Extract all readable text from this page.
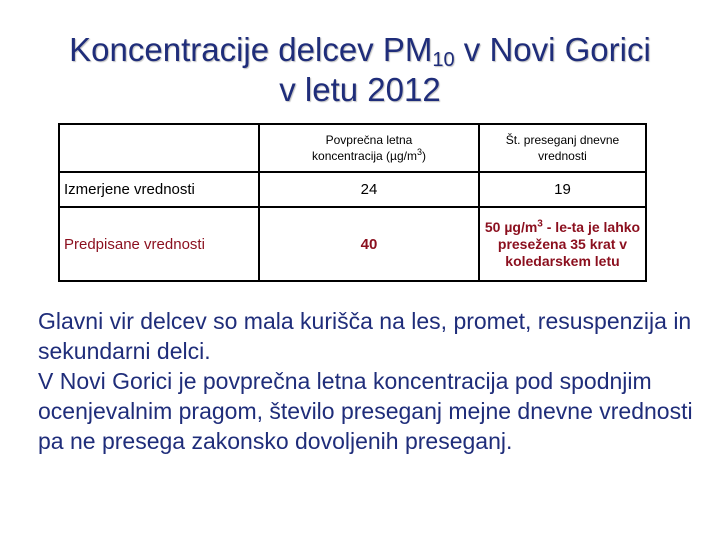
Koncentracije delcev $PM_{10}$ v Novi Gorici
v letu 2012
	Povprečna letna
koncentracija $(\mu g/m^3)$	Št. preseganj dnevne
vrednosti
Izmerjene vrednosti	24	19
Predpisane vrednosti	40	50 $\mu g/m^3 - le-ta$ je lahko
presežena 35 krat v
koledarskem letu

Glavni vir delcev so mala kurišča na les, promet, resuspenzija in sekundarni delci.

V Novi Gorici je povprečna letna koncentracija pod spodnjim ocenjevalnim pragom, število preseganj mejne dnevne vrednosti pa ne presega zakonsko dovoljenih preseganj.
